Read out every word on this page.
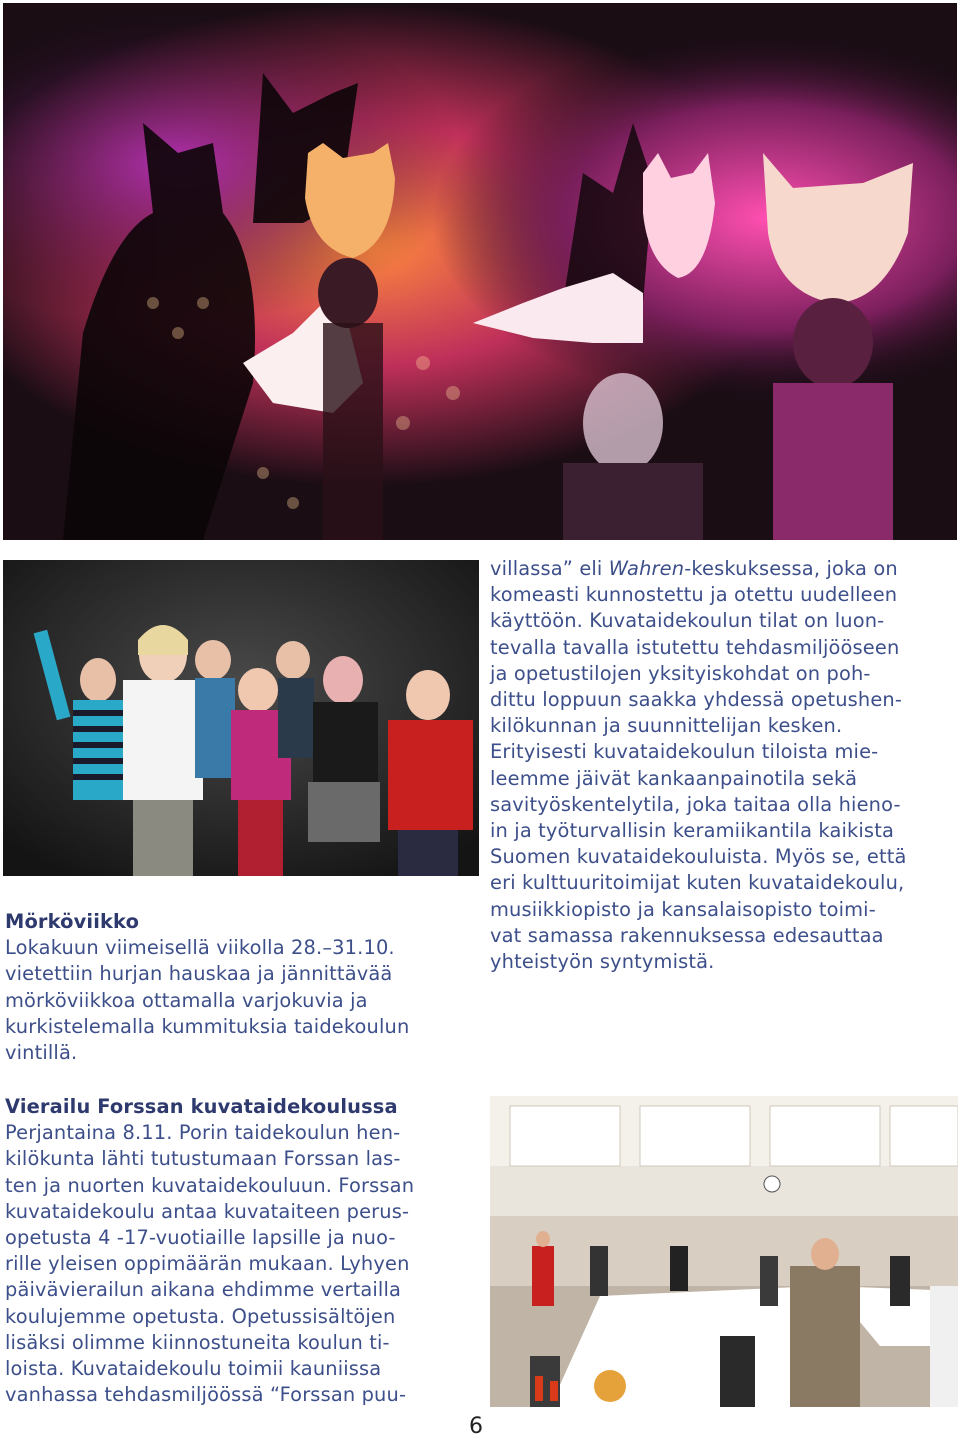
villassa” eli Wahren-keskuksessa, joka on
komeasti kunnostettu ja otettu uudelleen
käyttöön. Kuvataidekoulun tilat on luon-
tevalla tavalla istutettu tehdasmiljööseen
ja opetustilojen yksityiskohdat on poh-
dittu loppuun saakka yhdessä opetushen-
kilökunnan ja suunnittelijan kesken.
Erityisesti kuvataidekoulun tiloista mie-
leemme jäivät kankaanpainotila sekä
savityöskentelytila, joka taitaa olla hieno-
in ja työturvallisin keramiikantila kaikista
Suomen kuvataidekouluista. Myös se, että
eri kulttuuritoimijat kuten kuvataidekoulu,
musiikkiopisto ja kansalaisopisto toimi-
vat samassa rakennuksessa edesauttaa
yhteistyön syntymistä.
Mörköviikko
Lokakuun viimeisellä viikolla 28.–31.10.
vietettiin hurjan hauskaa ja jännittävää
mörköviikkoa ottamalla varjokuvia ja
kurkistelemalla kummituksia taidekoulun
vintillä.
Vierailu Forssan kuvataidekoulussa
Perjantaina 8.11. Porin taidekoulun hen-
kilökunta lähti tutustumaan Forssan las-
ten ja nuorten kuvataidekouluun. Forssan
kuvataidekoulu antaa kuvataiteen perus-
opetusta 4 -17-vuotiaille lapsille ja nuo-
rille yleisen oppimäärän mukaan. Lyhyen
päivävierailun aikana ehdimme vertailla
koulujemme opetusta. Opetussisältöjen
lisäksi olimme kiinnostuneita koulun ti-
loista. Kuvataidekoulu toimii kauniissa
vanhassa tehdasmiljöössä “Forssan puu-
6
